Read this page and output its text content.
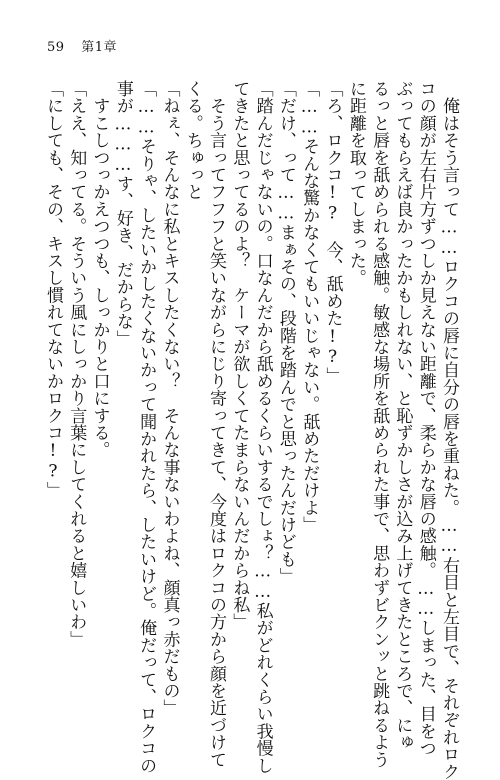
59 第1章
　俺はそう言って……ロクコの唇に自分の唇を重ねた。……右目と左目で、それぞれロク
コの顔が左右片方ずつしか見えない距離で、柔らかな唇の感触。……しまった、目をつ
ぶってもらえば良かったかもしれない、と恥ずかしさが込み上げてきたところで、にゅ
るっと唇を舐められる感触。敏感な場所を舐められた事で、思わずビクンッと跳ねるよう
に距離を取ってしまった。
「ろ、ロクコ!?　今、舐めた!?」
「……そんな驚かなくてもいいじゃない。舐めただけよ」
「だけ、って……まぁその、段階を踏んでと思ったんだけども」
「踏んだじゃないの。口なんだから舐めるくらいするでしょ？……私がどれくらい我慢し
てきたと思ってるのよ？　ケーマが欲しくてたまらないんだからね私」
　そう言ってフフフと笑いながらにじり寄ってきて、今度はロクコの方から顔を近づけて
くる。ちゅっと
「ねぇ、そんなに私とキスしたくない？　そんな事ないわよね、顔真っ赤だもの」
「……そりゃ、したいかしたくないかって聞かれたら、したいけど。俺だって、ロクコの
事が………す、好き、だからな」
　すこしつっかえつつも、しっかりと口にする。
「ええ、知ってる。そういう風にしっかり言葉にしてくれると嬉しいわ」
「にしても、その、キスし慣れてないかロクコ!?」
